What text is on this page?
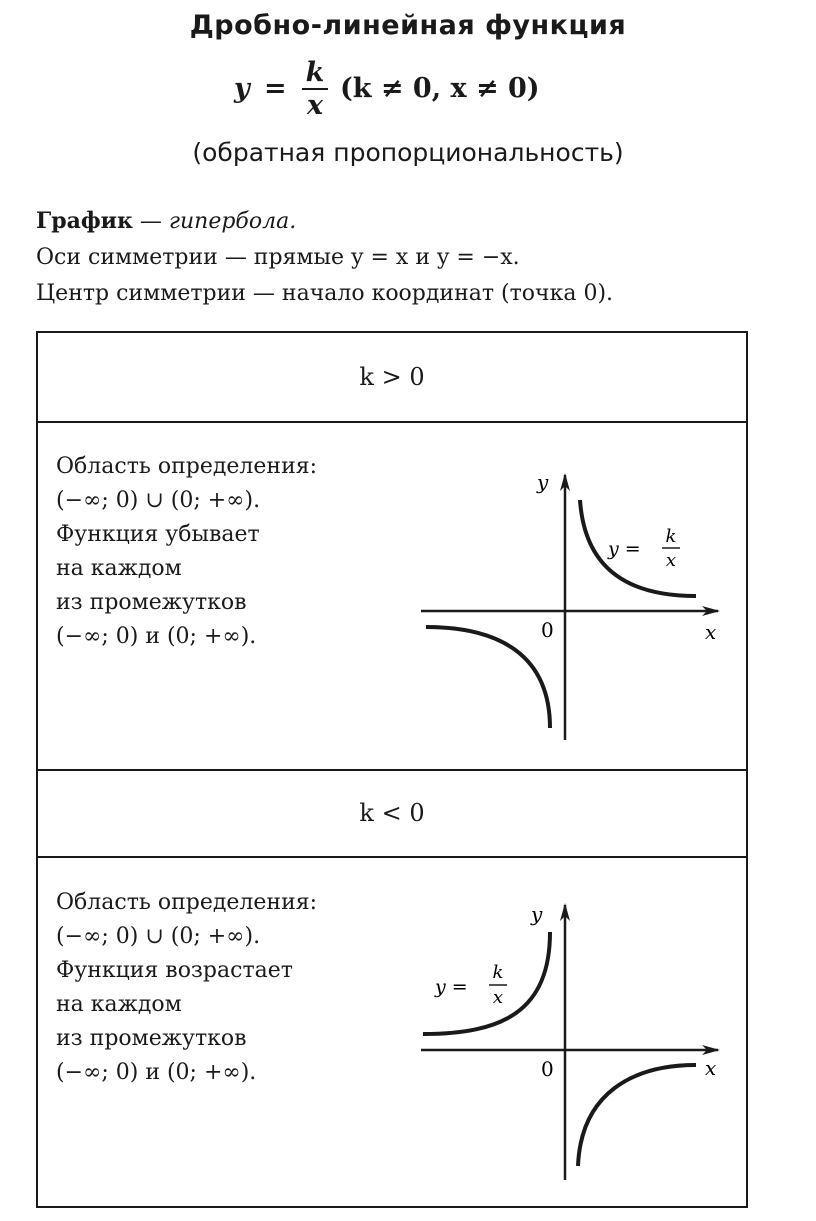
Дробно-линейная функция
y =
k
x
(k ≠ 0, x ≠ 0)
(обратная пропорциональность)
График — гипербола.
Оси симметрии — прямые y = x и y = −x.
Центр симметрии — начало координат (точка 0).
k > 0
Область определения:
(−∞; 0) ∪ (0; +∞).
Функция убывает
на каждом
из промежутков
(−∞; 0) и (0; +∞).
y
x
0
y =
k
x
k < 0
Область определения:
(−∞; 0) ∪ (0; +∞).
Функция возрастает
на каждом
из промежутков
(−∞; 0) и (0; +∞).
y
x
0
y =
k
x
